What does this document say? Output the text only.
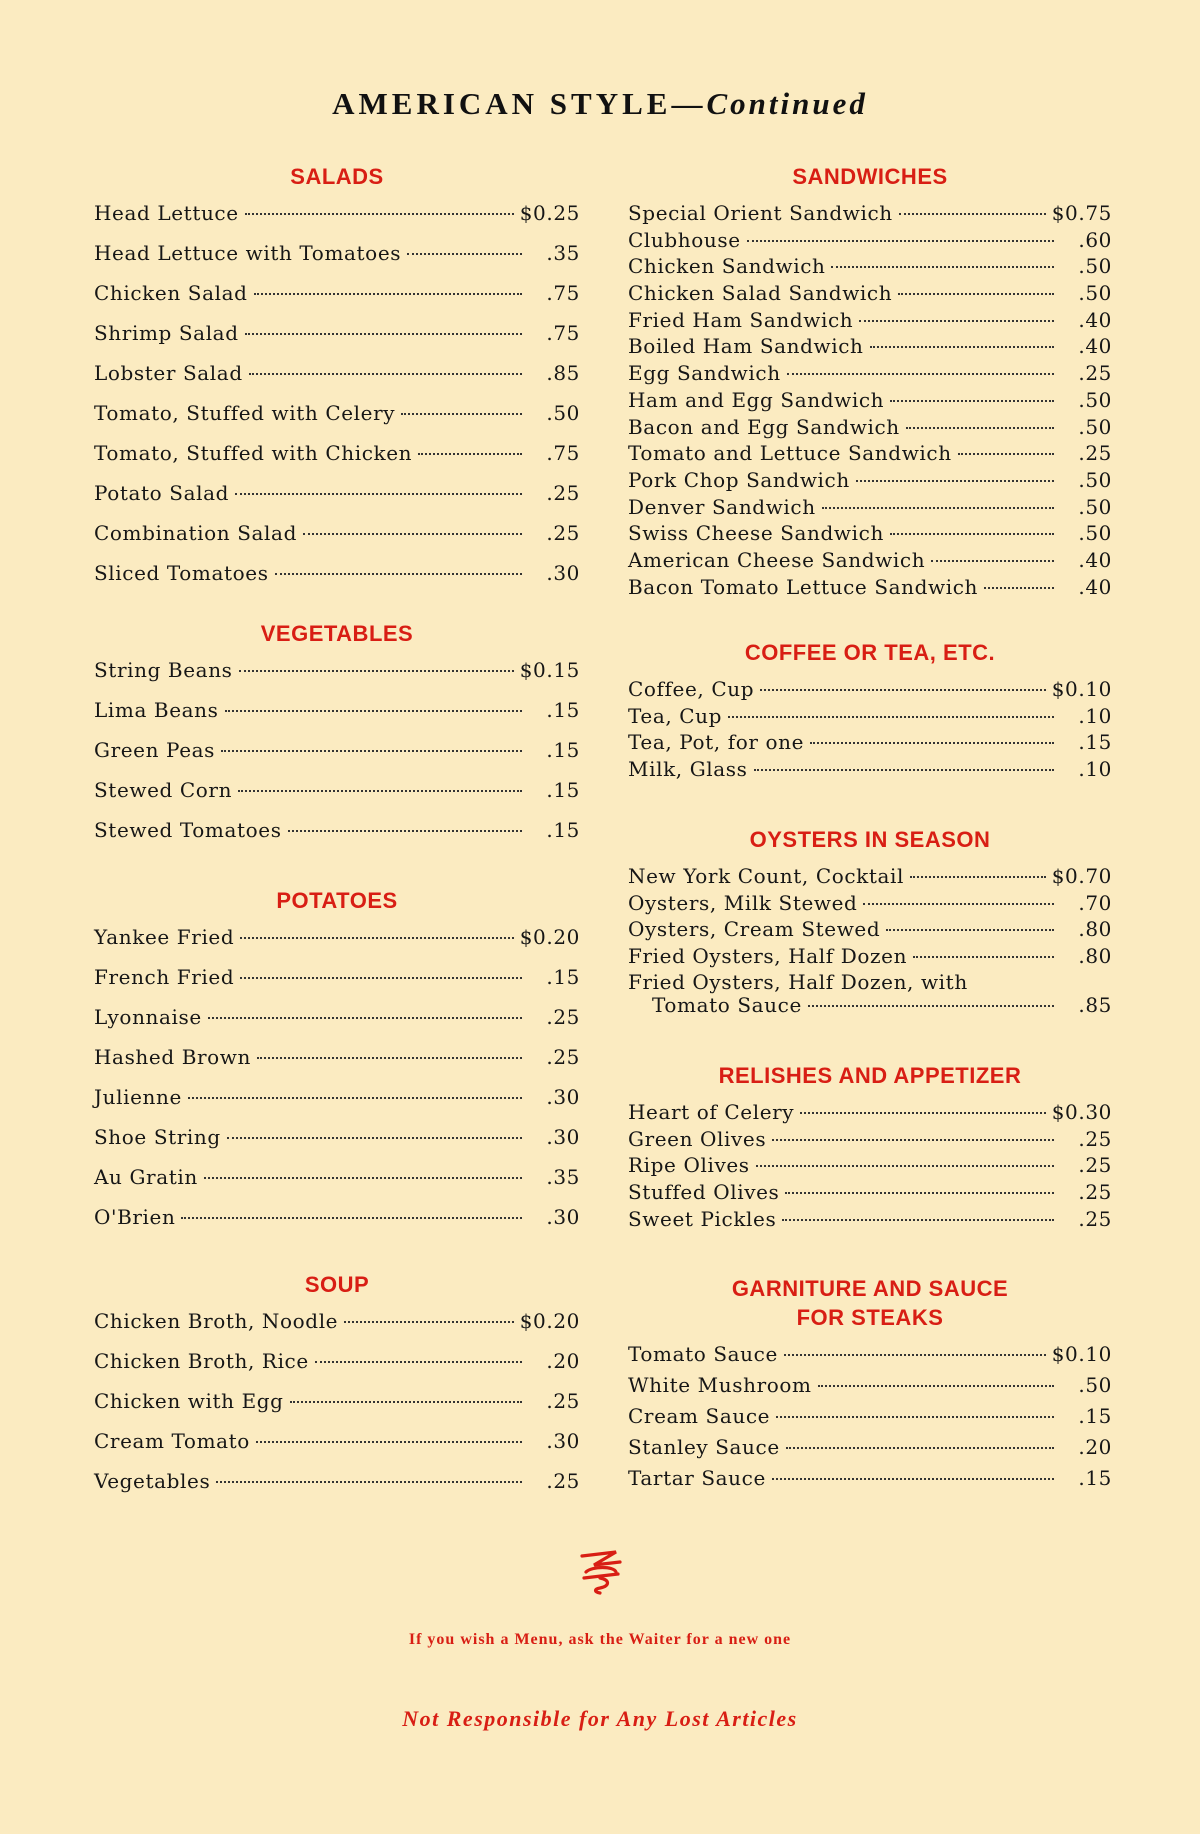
AMERICAN STYLE—Continued
SALADS
Head Lettuce	$0.25
Head Lettuce with Tomatoes	.35
Chicken Salad	.75
Shrimp Salad	.75
Lobster Salad	.85
Tomato, Stuffed with Celery	.50
Tomato, Stuffed with Chicken	.75
Potato Salad	.25
Combination Salad	.25
Sliced Tomatoes	.30
VEGETABLES
String Beans	$0.15
Lima Beans	.15
Green Peas	.15
Stewed Corn	.15
Stewed Tomatoes	.15
POTATOES
Yankee Fried	$0.20
French Fried	.15
Lyonnaise	.25
Hashed Brown	.25
Julienne	.30
Shoe String	.30
Au Gratin	.35
O'Brien	.30
SOUP
Chicken Broth, Noodle	$0.20
Chicken Broth, Rice	.20
Chicken with Egg	.25
Cream Tomato	.30
Vegetables	.25
SANDWICHES
Special Orient Sandwich	$0.75
Clubhouse	.60
Chicken Sandwich	.50
Chicken Salad Sandwich	.50
Fried Ham Sandwich	.40
Boiled Ham Sandwich	.40
Egg Sandwich	.25
Ham and Egg Sandwich	.50
Bacon and Egg Sandwich	.50
Tomato and Lettuce Sandwich	.25
Pork Chop Sandwich	.50
Denver Sandwich	.50
Swiss Cheese Sandwich	.50
American Cheese Sandwich	.40
Bacon Tomato Lettuce Sandwich	.40
COFFEE OR TEA, ETC.
Coffee, Cup	$0.10
Tea, Cup	.10
Tea, Pot, for one	.15
Milk, Glass	.10
OYSTERS IN SEASON
New York Count, Cocktail	$0.70
Oysters, Milk Stewed	.70
Oysters, Cream Stewed	.80
Fried Oysters, Half Dozen	.80
Fried Oysters, Half Dozen, with
Tomato Sauce	.85
RELISHES AND APPETIZER
Heart of Celery	$0.30
Green Olives	.25
Ripe Olives	.25
Stuffed Olives	.25
Sweet Pickles	.25
GARNITURE AND SAUCE
FOR STEAKS
Tomato Sauce	$0.10
White Mushroom	.50
Cream Sauce	.15
Stanley Sauce	.20
Tartar Sauce	.15
If you wish a Menu, ask the Waiter for a new one
Not Responsible for Any Lost Articles
